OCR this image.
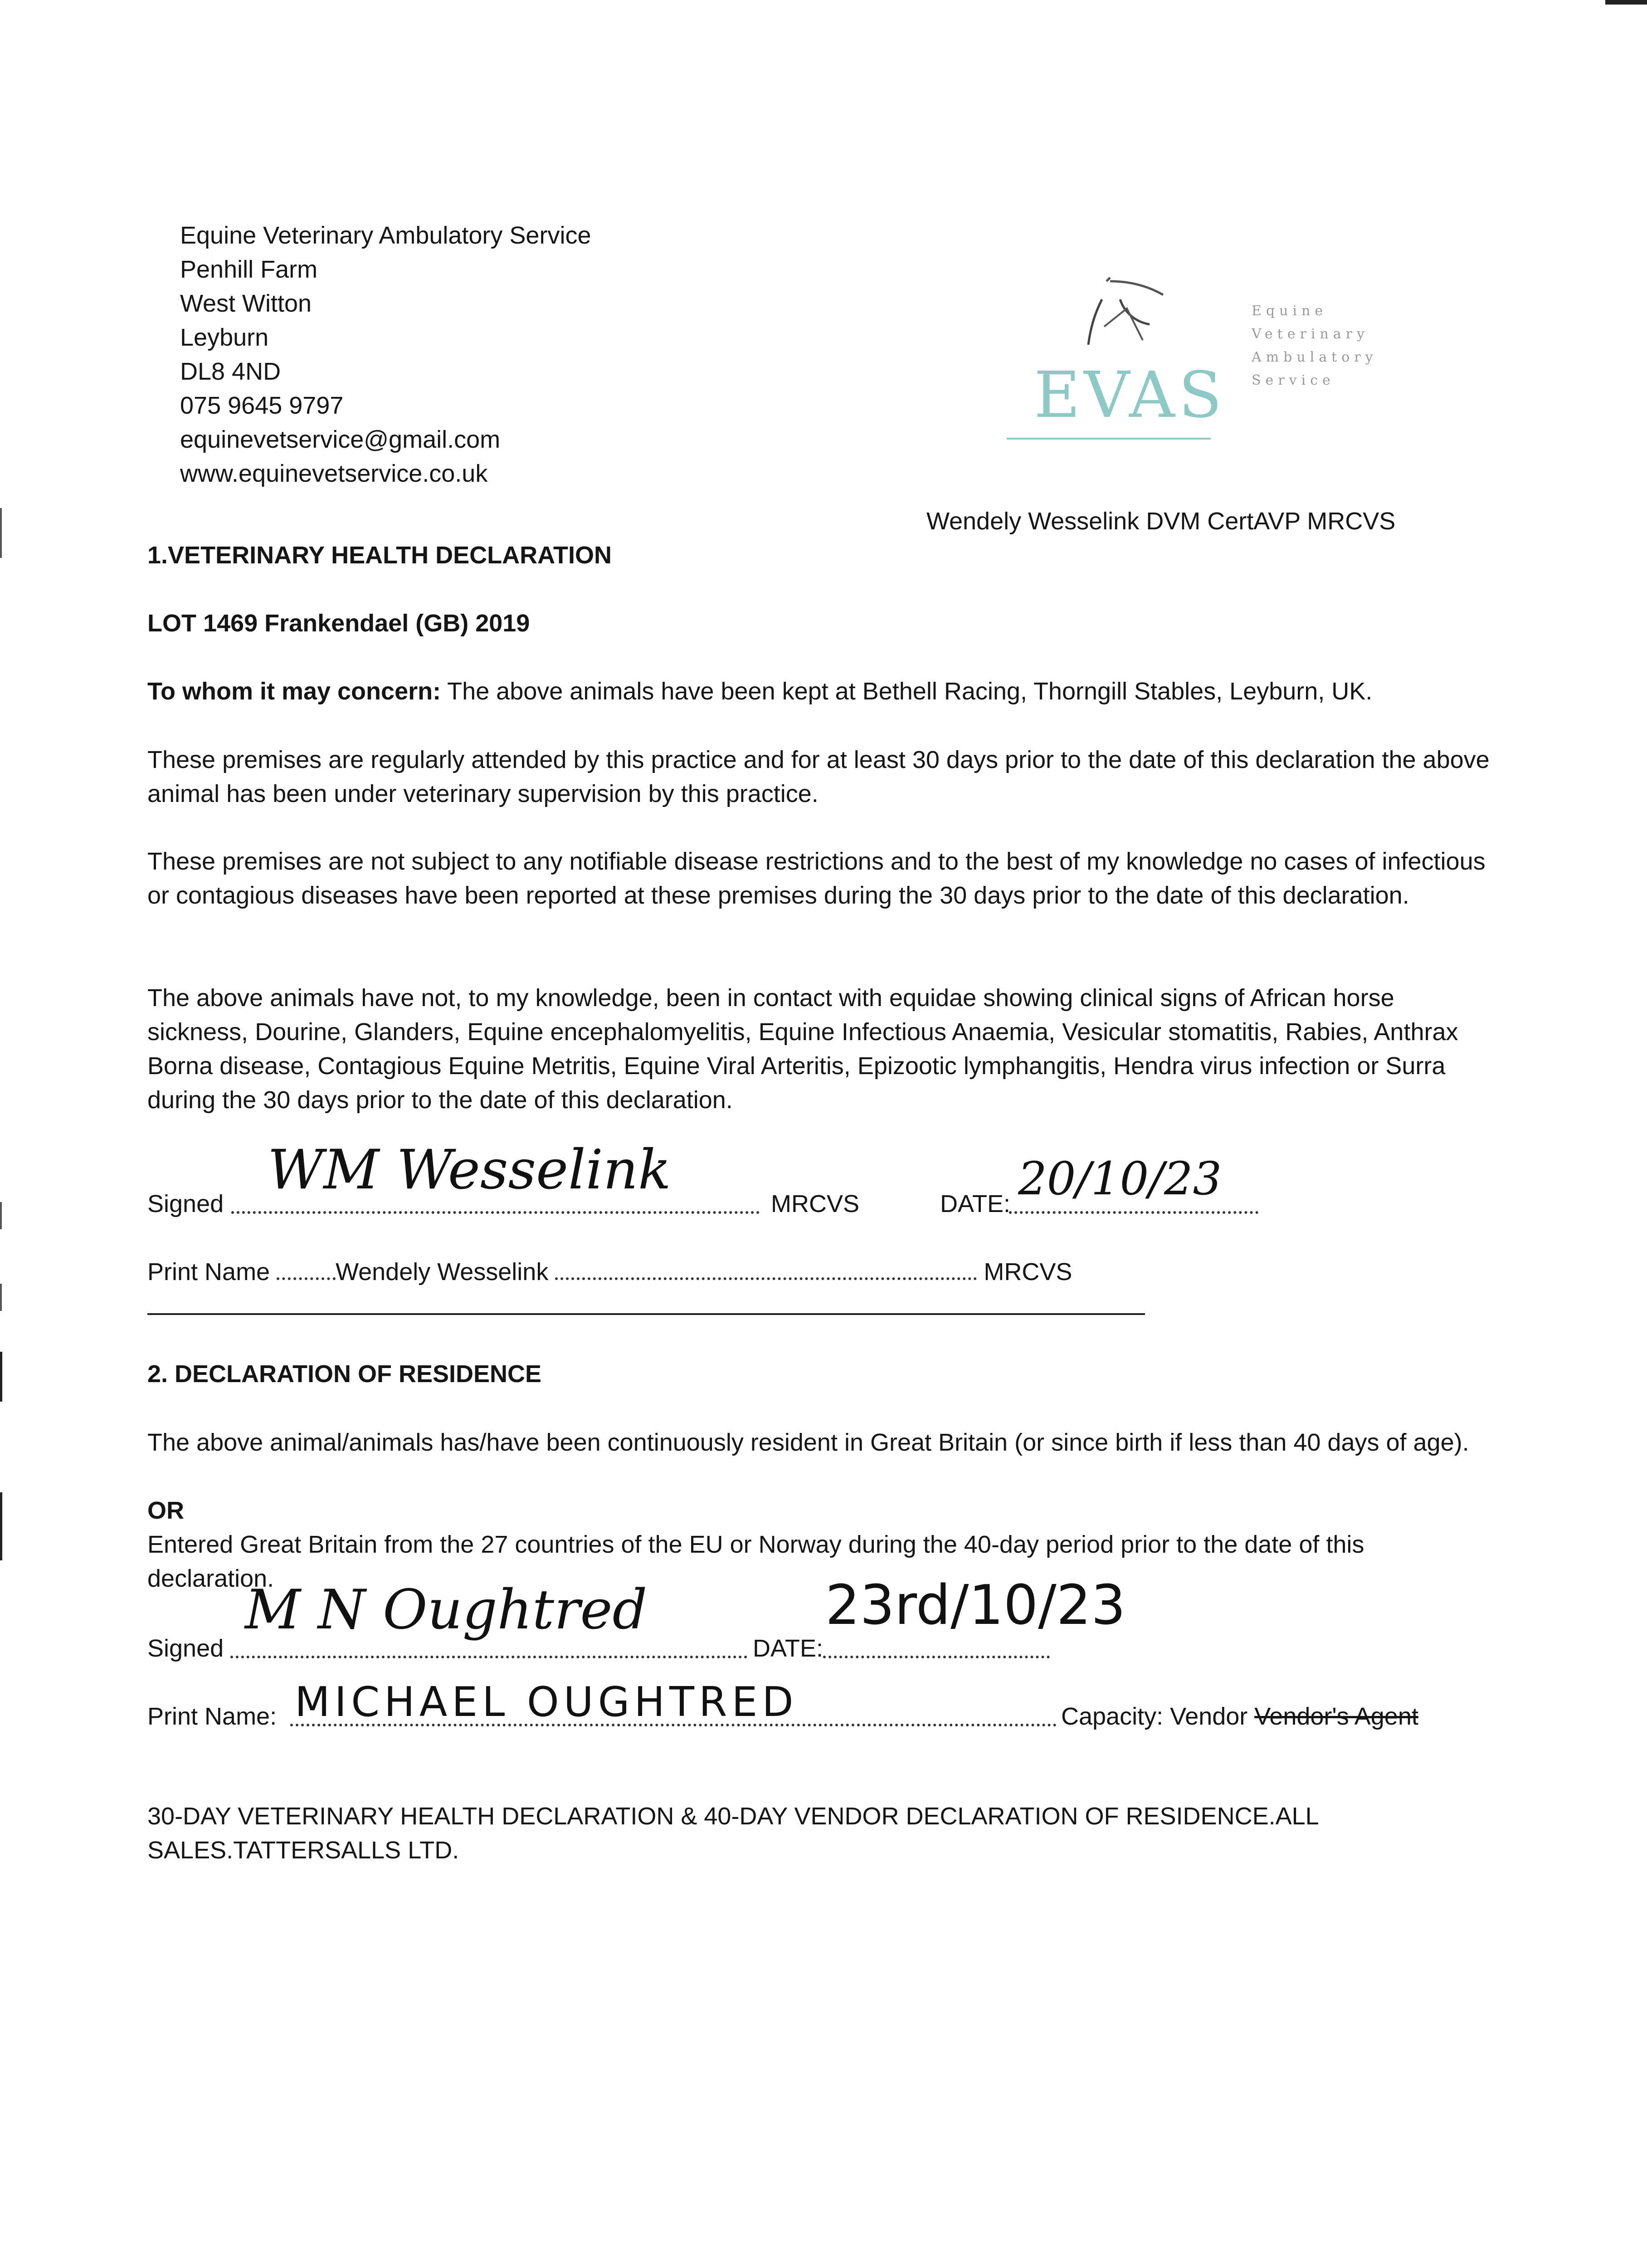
Equine Veterinary Ambulatory Service
Penhill Farm
West Witton
Leyburn
DL8 4ND
075 9645 9797
equinevetservice@gmail.com
www.equinevetservice.co.uk
EVAS
Equine
Veterinary
Ambulatory
Service
Wendely Wesselink DVM CertAVP MRCVS
1.VETERINARY HEALTH DECLARATION
LOT 1469 Frankendael (GB) 2019
To whom it may concern: The above animals have been kept at Bethell Racing, Thorngill Stables, Leyburn, UK.
These premises are regularly attended by this practice and for at least 30 days prior to the date of this declaration the above animal has been under veterinary supervision by this practice.
These premises are not subject to any notifiable disease restrictions and to the best of my knowledge no cases of infectious or contagious diseases have been reported at these premises during the 30 days prior to the date of this declaration.
The above animals have not, to my knowledge, been in contact with equidae showing clinical signs of African horse sickness, Dourine, Glanders, Equine encephalomyelitis, Equine Infectious Anaemia, Vesicular stomatitis, Rabies, Anthrax Borna disease, Contagious Equine Metritis, Equine Viral Arteritis, Epizootic lymphangitis, Hendra virus infection or Surra during the 30 days prior to the date of this declaration.
Signed
WM Wesselink
MRCVS	DATE: 20/10/23
Print Name	Wendely Wesselink	MRCVS
2. DECLARATION OF RESIDENCE
The above animal/animals has/have been continuously resident in Great Britain (or since birth if less than 40 days of age).
OR
Entered Great Britain from the 27 countries of the EU or Norway during the 40-day period prior to the date of this declaration.
Signed
M N Oughtred
DATE:
23rd/10/23
Print Name: MICHAEL OUGHTRED	Capacity: Vendor Vendor's Agent
30-DAY VETERINARY HEALTH DECLARATION & 40-DAY VENDOR DECLARATION OF RESIDENCE.ALL SALES.TATTERSALLS LTD.
